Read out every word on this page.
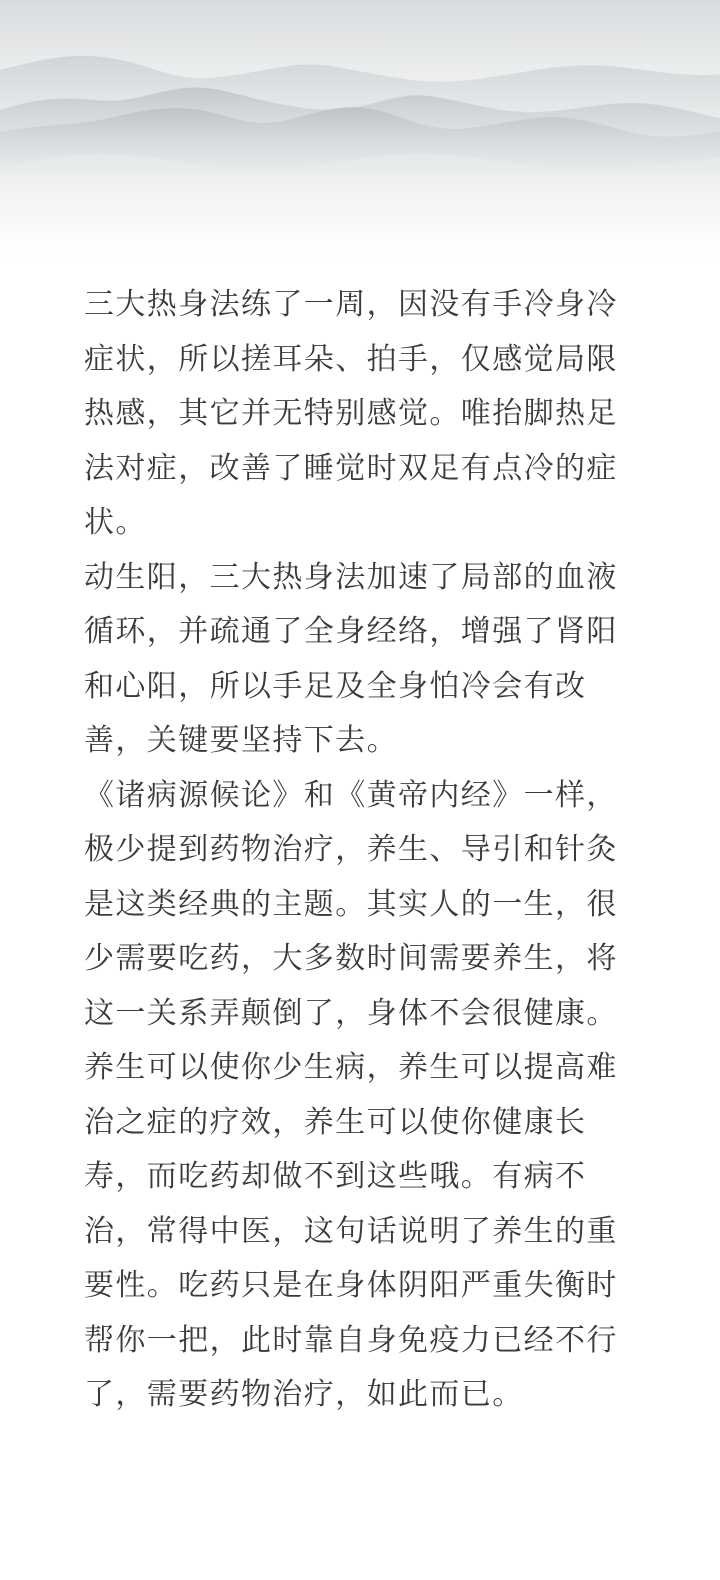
三大热身法练了一周，因没有手冷身冷症状，所以搓耳朵、拍手，仅感觉局限热感，其它并无特别感觉。唯抬脚热足法对症，改善了睡觉时双足有点冷的症状。

动生阳，三大热身法加速了局部的血液循环，并疏通了全身经络，增强了肾阳和心阳，所以手足及全身怕冷会有改善，关键要坚持下去。

《诸病源候论》和《黄帝内经》一样，极少提到药物治疗，养生、导引和针灸是这类经典的主题。其实人的一生，很少需要吃药，大多数时间需要养生，将这一关系弄颠倒了，身体不会很健康。养生可以使你少生病，养生可以提高难治之症的疗效，养生可以使你健康长寿，而吃药却做不到这些哦。有病不治，常得中医，这句话说明了养生的重要性。吃药只是在身体阴阳严重失衡时帮你一把，此时靠自身免疫力已经不行了，需要药物治疗，如此而已。
